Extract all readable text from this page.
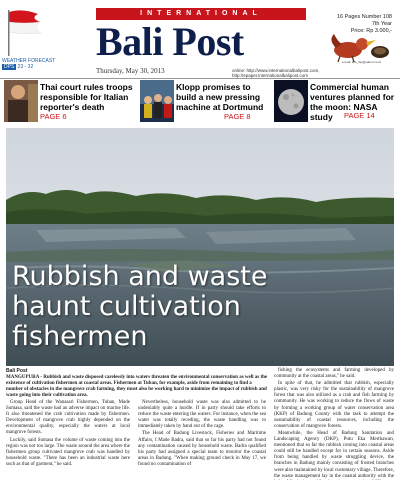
WEATHER FORECAST
DPS 23 - 32
INTERNATIONAL
Bali Post
16 Pages Number 108
7th Year
Price: Rp 3.000,-
e-mail: info_ibp@yahoo.co.id
Thursday, May 30, 2013	online: http://www.internationalbalipost.com, http://epaper.internationalbalipost.com
Thai court rules troops responsible for Italian reporter's death
PAGE 6
Klopp promises to build a new pressing machine at Dortmund
PAGE 8
Commercial human ventures planned for the moon: NASA study	PAGE 14
Rubbish and waste
haunt cultivation
fishermen
Bali Post
MANGUPURA - Rubbish and waste disposed carelessly into waters threaten the environmental conservation as well as the existence of cultivation fishermen at coastal areas. Fishermen at Tuban, for example, aside from remaining to find a number of obstacles in the mangrove crab farming, they must also be working hard to minimize the impact of rubbish and waste going into their cultivation area.

Group Head of the Wanasari Fishermen, Tuban, Made Sumasa, said the waste had an adverse impact on marine life. It also threatened the crab cultivation made by fishermen. Development of mangrove crab highly depended on the environmental quality, especially the waters at local mangrove forests.

Luckily, said Sumasa the volume of waste coming into the region was not too large. The waste around the area where the fishermen group cultivated mangrove crab was handled by household waste. "There has been an industrial waste here such as that of garment," he said.

Nevertheless, household waste was also admitted to be undeniably quite a hurdle. If in party should take efforts to reduce the waste entering the waters. For instance, when the sea water was totally receding, the waste handling was to immediately taken by hand out of the cage.

The Head of Badung Livestock, Fisheries and Maritime Affairs, I Made Badra, said that so far his party had not found any contamination caused by household waste. Badra qualified his party had assigned a special team to monitor the coastal areas in Badung. "When making ground check in May 17, we found no contamination of

fishing the ecosystems and farming developed by community at the coastal areas," he said.

In spite of that, he admitted that rubbish, especially plastic, was very risky for the sustainability of mangrove forest that was also utilized as a crab and fish farming by community. He was working to reduce the flows of waste by forming a working group of water conservation area (KKP) of Badung County with the task to attempt the sustainability of coastal resources, including the conservation of mangrove forests.

Meanwhile, the Head of Badung Sanitation and Landscaping Agency (DKP), Putu Eka Merthawan, mentioned that so far the rubbish coming into coastal areas could still be handled except for in certain seasons. Aside from being handled by waste struggling device, the branches in Badung mainly consisting of frosted branches were also maintained by local customary village. Therefore, the waste management lay in the coastal authority with the
